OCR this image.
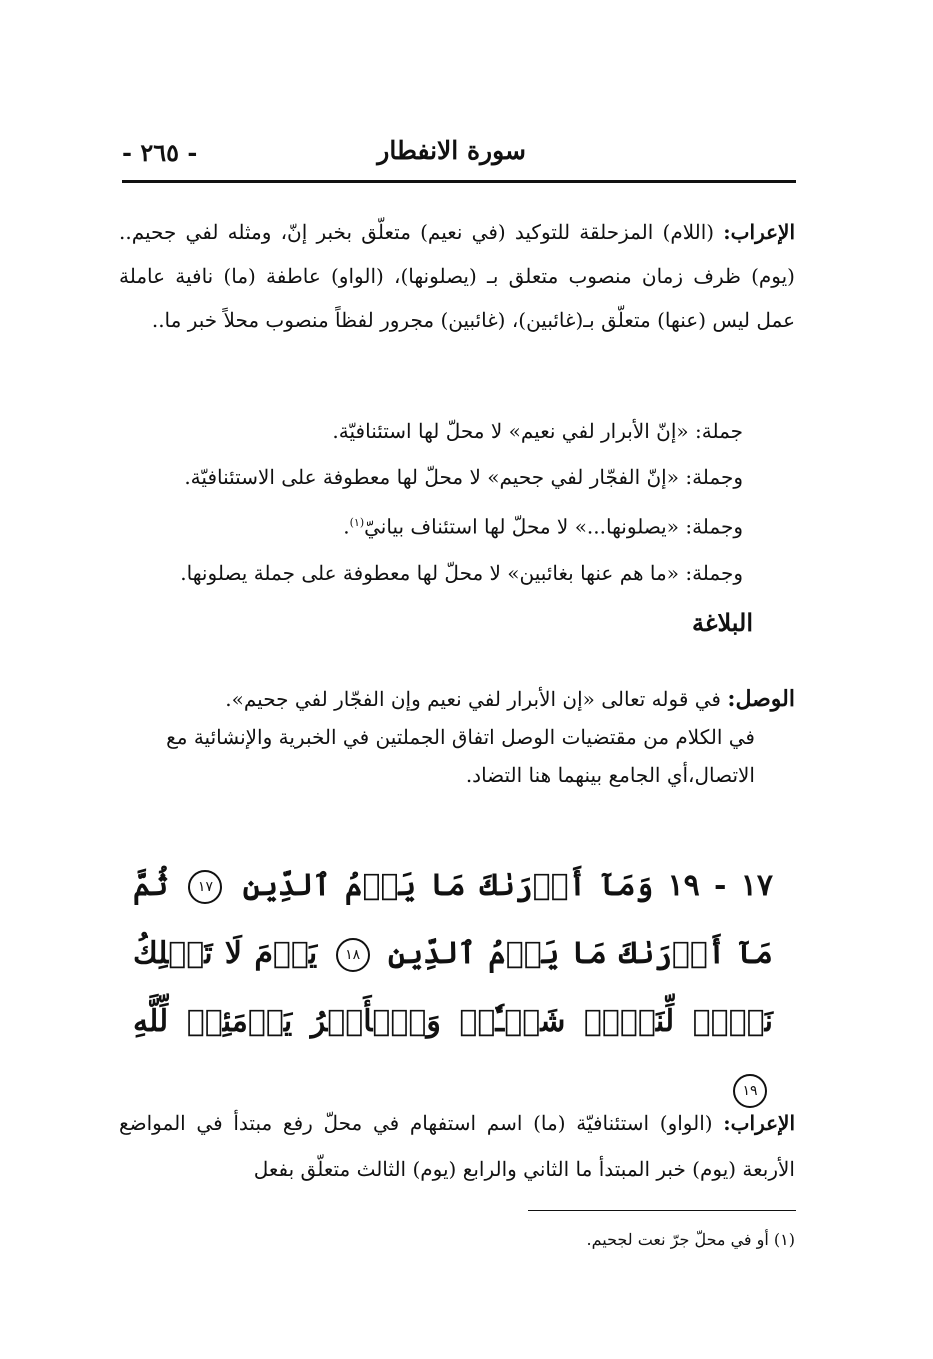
سورة الانفطار
- ٢٦٥ -
الإعراب: (اللام) المزحلقة للتوكيد (في نعيم) متعلّق بخبر إنّ، ومثله لفي جحيم.. (يوم) ظرف زمان منصوب متعلق بـ (يصلونها)، (الواو) عاطفة (ما) نافية عاملة عمل ليس (عنها) متعلّق بـ(غائبين)، (غائبين) مجرور لفظاً منصوب محلاً خبر ما..
جملة: «إنّ الأبرار لفي نعيم» لا محلّ لها استئنافيّة.
وجملة: «إنّ الفجّار لفي جحيم» لا محلّ لها معطوفة على الاستئنافيّة.
وجملة: «يصلونها...» لا محلّ لها استئناف بيانيّ$^{(١)}$.
وجملة: «ما هم عنها بغائبين» لا محلّ لها معطوفة على جملة يصلونها.
البلاغة
الوصل: في قوله تعالى «إن الأبرار لفي نعيم وإن الفجّار لفي جحيم».
في الكلام من مقتضيات الوصل اتفاق الجملتين في الخبرية والإنشائية مع الاتصال،أي الجامع بينهما هنا التضاد.
١٧ - ١٩ وَمَآ أَدۡرَىٰكَ مَا يَوۡمُ ٱلدِّينِ ١٧ ثُمَّ مَآ أَدۡرَىٰكَ مَا يَوۡمُ ٱلدِّينِ ١٨ يَوۡمَ لَا تَمۡلِكُ نَفۡسٞ لِّنَفۡسٖ شَيۡـٔٗاۖ وَٱلۡأَمۡرُ يَوۡمَئِذٖ لِّلَّهِ ١٩
الإعراب: (الواو) استئنافيّة (ما) اسم استفهام في محلّ رفع مبتدأ في المواضع الأربعة (يوم) خبر المبتدأ ما الثاني والرابع (يوم) الثالث متعلّق بفعل
(١) أو في محلّ جرّ نعت لجحيم.
